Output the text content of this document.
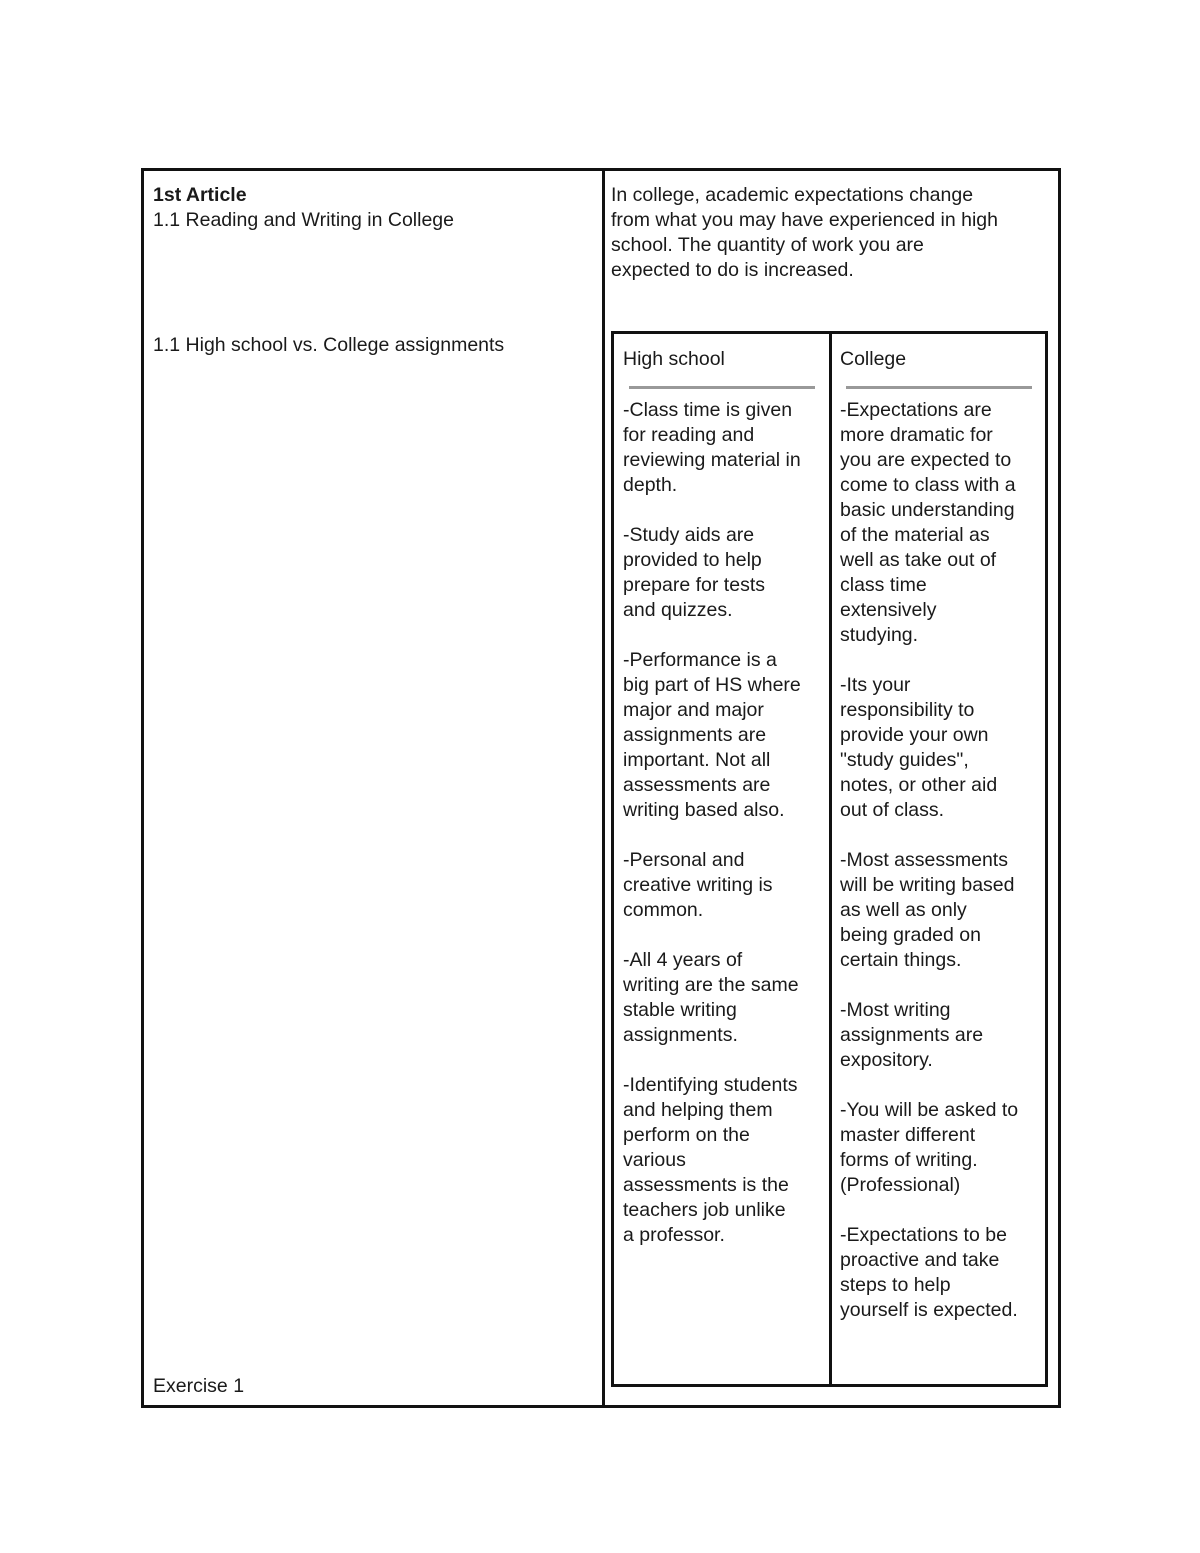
1st Article

1.1 Reading and Writing in College

1.1 High school vs. College assignments

Exercise 1

In college, academic expectations change

from what you may have experienced in high

school. The quantity of work you are

expected to do is increased.

High school

-Class time is given
for reading and
reviewing material in
depth.

-Study aids are
provided to help
prepare for tests
and quizzes.

-Performance is a
big part of HS where
major and major
assignments are
important. Not all
assessments are
writing based also.

-Personal and
creative writing is
common.

-All 4 years of
writing are the same
stable writing
assignments.

-Identifying students
and helping them
perform on the
various
assessments is the
teachers job unlike
a professor.

College

-Expectations are
more dramatic for
you are expected to
come to class with a
basic understanding
of the material as
well as take out of
class time
extensively
studying.

-Its your
responsibility to
provide your own
"study guides",
notes, or other aid
out of class.

-Most assessments
will be writing based
as well as only
being graded on
certain things.

-Most writing
assignments are
expository.

-You will be asked to
master different
forms of writing.
(Professional)

-Expectations to be
proactive and take
steps to help
yourself is expected.
